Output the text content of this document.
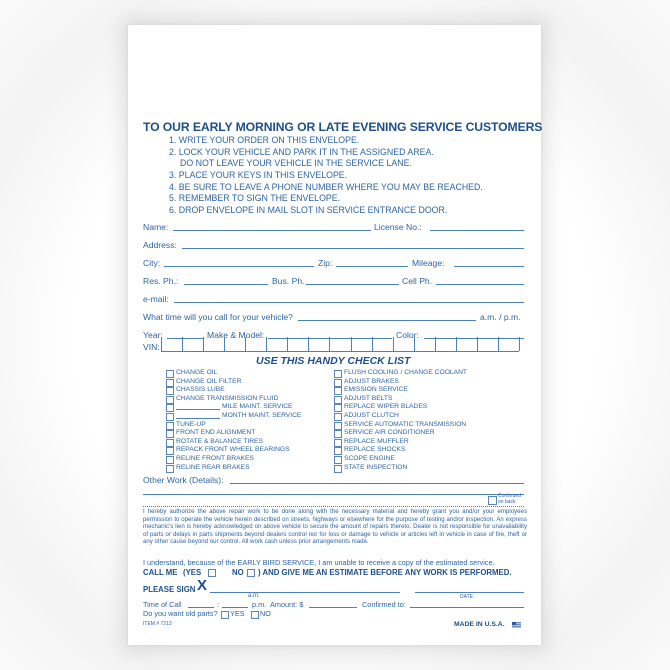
TO OUR EARLY MORNING OR LATE EVENING SERVICE CUSTOMERS
1. WRITE YOUR ORDER ON THIS ENVELOPE.
2. LOCK YOUR VEHICLE AND PARK IT IN THE ASSIGNED AREA.
DO NOT LEAVE YOUR VEHICLE IN THE SERVICE LANE.
3. PLACE YOUR KEYS IN THIS ENVELOPE.
4. BE SURE TO LEAVE A PHONE NUMBER WHERE YOU MAY BE REACHED.
5. REMEMBER TO SIGN THE ENVELOPE.
6. DROP ENVELOPE IN MAIL SLOT IN SERVICE ENTRANCE DOOR.
Name:	License No.:
Address:
City:	Zip:	Mileage:
Res. Ph.:	Bus. Ph.	Cell Ph.
e-mail:
What time will you call for your vehicle?	a.m. / p.m.
Year:	Make & Model:	Color:
VIN:
USE THIS HANDY CHECK LIST
CHANGE OIL
CHANGE OIL FILTER
CHASSIS LUBE
CHANGE TRANSMISSION FLUID
MILE MAINT. SERVICE
MONTH MAINT. SERVICE
TUNE-UP
FRONT END ALIGNMENT
ROTATE & BALANCE TIRES
REPACK FRONT WHEEL BEARINGS
RELINE FRONT BRAKES
RELINE REAR BRAKES
FLUSH COOLING / CHANGE COOLANT
ADJUST BRAKES
EMISSION SERVICE
ADJUST BELTS
REPLACE WIPER BLADES
ADJUST CLUTCH
SERVICE AUTOMATIC TRANSMISSION
SERVICE AIR CONDITIONER
REPLACE MUFFLER
REPLACE SHOCKS
SCOPE ENGINE
STATE INSPECTION
Other Work (Details):
Continued
on back
I hereby authorize the above repair work to be done along with the necessary material and hereby grant you and/or your employees permission to operate the vehicle herein described on streets, highways or elsewhere for the purpose of testing and/or inspection. An express mechanic's lien is hereby acknowledged on above vehicle to secure the amount of repairs thereto. Dealer is not responsible for unavailability of parts or delays in parts shipments beyond dealers control nor for loss or damage to vehicle or articles left in vehicle in case of fire, theft or any other cause beyond our control. All work cash unless prior arrangements made.
I understand, because of the EARLY BIRD SERVICE, I am unable to receive a copy of the estimated service.
CALL ME (YES	NO ) AND GIVE ME AN ESTIMATE BEFORE ANY WORK IS PERFORMED.
PLEASE SIGN X
a.m.	DATE
Time of Call	:	p.m. Amount: $	Confirmed to:
Do you want old parts? YES NO
ITEM # 7213	MADE IN U.S.A.
